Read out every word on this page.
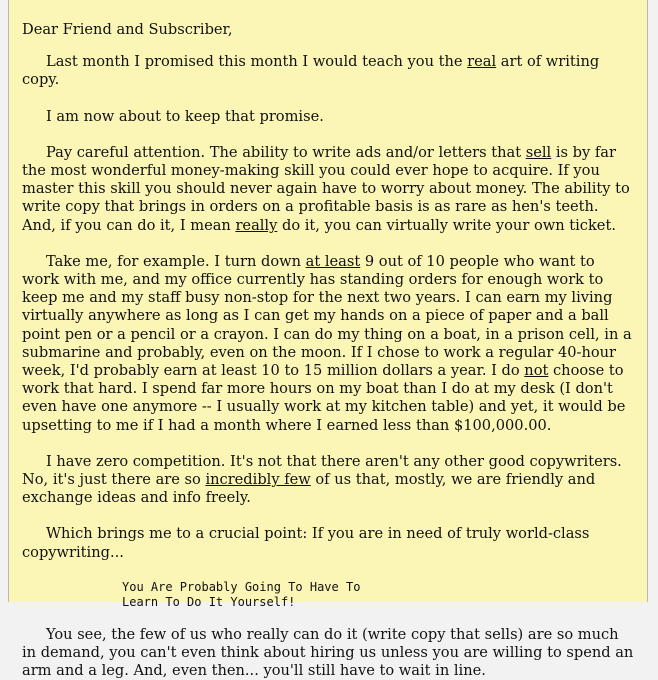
Dear Friend and Subscriber,

Last month I promised this month I would teach you the real art of writing copy.

I am now about to keep that promise.

Pay careful attention. The ability to write ads and/or letters that sell is by far the most wonderful money-making skill you could ever hope to acquire. If you master this skill you should never again have to worry about money. The ability to write copy that brings in orders on a profitable basis is as rare as hen's teeth. And, if you can do it, I mean really do it, you can virtually write your own ticket.

Take me, for example. I turn down at least 9 out of 10 people who want to work with me, and my office currently has standing orders for enough work to keep me and my staff busy non-stop for the next two years. I can earn my living virtually anywhere as long as I can get my hands on a piece of paper and a ball point pen or a pencil or a crayon. I can do my thing on a boat, in a prison cell, in a submarine and probably, even on the moon. If I chose to work a regular 40-hour week, I'd probably earn at least 10 to 15 million dollars a year. I do not choose to work that hard. I spend far more hours on my boat than I do at my desk (I don't even have one anymore -- I usually work at my kitchen table) and yet, it would be upsetting to me if I had a month where I earned less than $100,000.00.

I have zero competition. It's not that there aren't any other good copywriters. No, it's just there are so incredibly few of us that, mostly, we are friendly and exchange ideas and info freely.

Which brings me to a crucial point: If you are in need of truly world-class copywriting...

You Are Probably Going To Have To
Learn To Do It Yourself!

You see, the few of us who really can do it (write copy that sells) are so much in demand, you can't even think about hiring us unless you are willing to spend an arm and a leg. And, even then... you'll still have to wait in line.
